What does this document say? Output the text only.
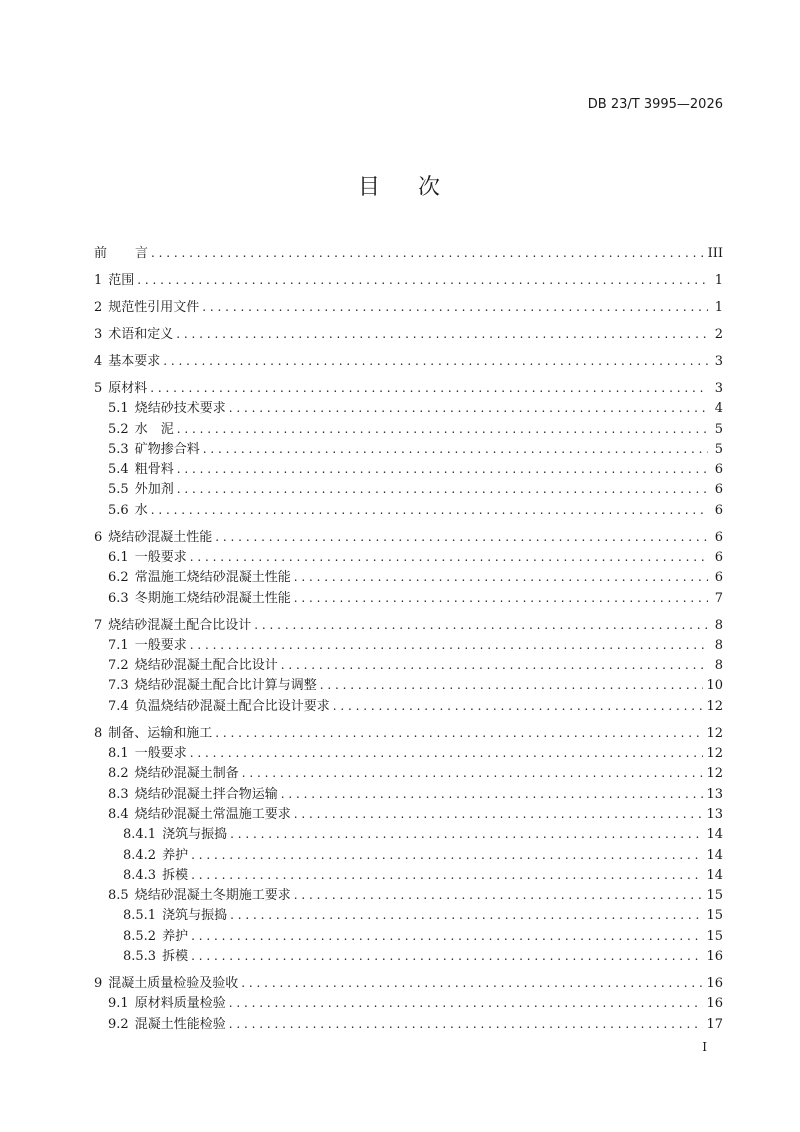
DB 23/T 3995—2026
目 次
前 言 . . .	III
1 范围 . . .	1
2 规范性引用文件 . . .	1
3 术语和定义 . . .	2
4 基本要求 . . .	3
5 原材料 . . .	3
5.1 烧结砂技术要求 . . .	4
5.2 水　泥 . . .	5
5.3 矿物掺合料 . . .	5
5.4 粗骨料 . . .	6
5.5 外加剂 . . .	6
5.6 水 . . .	6
6 烧结砂混凝土性能 . . .	6
6.1 一般要求 . . .	6
6.2 常温施工烧结砂混凝土性能 . . .	6
6.3 冬期施工烧结砂混凝土性能 . . .	7
7 烧结砂混凝土配合比设计 . . .	8
7.1 一般要求 . . .	8
7.2 烧结砂混凝土配合比设计 . . .	8
7.3 烧结砂混凝土配合比计算与调整 . . .	10
7.4 负温烧结砂混凝土配合比设计要求 . . .	12
8 制备、运输和施工 . . .	12
8.1 一般要求 . . .	12
8.2 烧结砂混凝土制备 . . .	12
8.3 烧结砂混凝土拌合物运输 . . .	13
8.4 烧结砂混凝土常温施工要求 . . .	13
8.4.1 浇筑与振捣 . . .	14
8.4.2 养护 . . .	14
8.4.3 拆模 . . .	14
8.5 烧结砂混凝土冬期施工要求 . . .	15
8.5.1 浇筑与振捣 . . .	15
8.5.2 养护 . . .	15
8.5.3 拆模 . . .	16
9 混凝土质量检验及验收 . . .	16
9.1 原材料质量检验 . . .	16
9.2 混凝土性能检验 . . .	17
I
